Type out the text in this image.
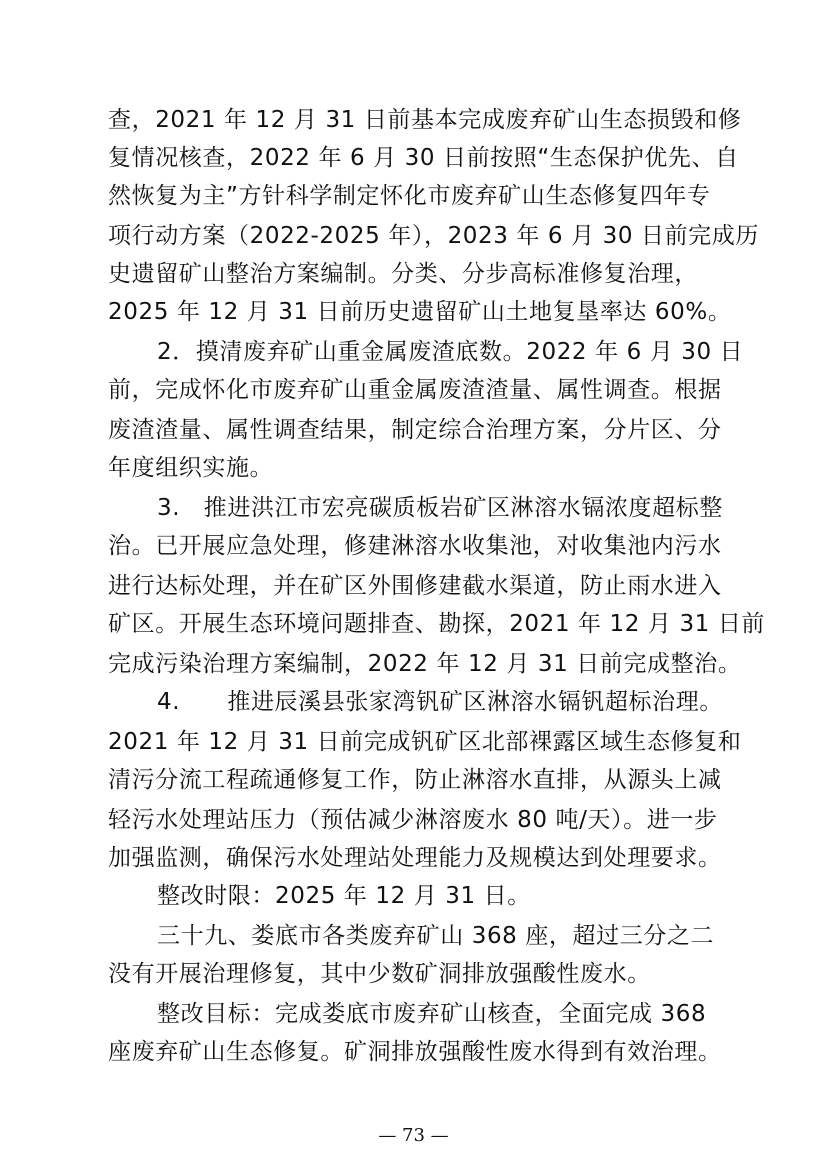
查，2021 年 12 月 31 日前基本完成废弃矿山生态损毁和修
复情况核查，2022 年 6 月 30 日前按照“生态保护优先、自
然恢复为主”方针科学制定怀化市废弃矿山生态修复四年专
项行动方案（2022-2025 年），2023 年 6 月 30 日前完成历
史遗留矿山整治方案编制。分类、分步高标准修复治理，
2025 年 12 月 31 日前历史遗留矿山土地复垦率达 60%。
2．摸清废弃矿山重金属废渣底数。2022 年 6 月 30 日
前，完成怀化市废弃矿山重金属废渣渣量、属性调查。根据
废渣渣量、属性调查结果，制定综合治理方案，分片区、分
年度组织实施。
3.　推进洪江市宏亮碳质板岩矿区淋溶水镉浓度超标整
治。已开展应急处理，修建淋溶水收集池，对收集池内污水
进行达标处理，并在矿区外围修建截水渠道，防止雨水进入
矿区。开展生态环境问题排查、勘探，2021 年 12 月 31 日前
完成污染治理方案编制，2022 年 12 月 31 日前完成整治。
4.　　推进辰溪县张家湾钒矿区淋溶水镉钒超标治理。
2021 年 12 月 31 日前完成钒矿区北部裸露区域生态修复和
清污分流工程疏通修复工作，防止淋溶水直排，从源头上减
轻污水处理站压力（预估减少淋溶废水 80 吨/天）。进一步
加强监测，确保污水处理站处理能力及规模达到处理要求。
整改时限：2025 年 12 月 31 日。
三十九、娄底市各类废弃矿山 368 座，超过三分之二
没有开展治理修复，其中少数矿洞排放强酸性废水。
整改目标：完成娄底市废弃矿山核查，全面完成 368
座废弃矿山生态修复。矿洞排放强酸性废水得到有效治理。
— 73 —
